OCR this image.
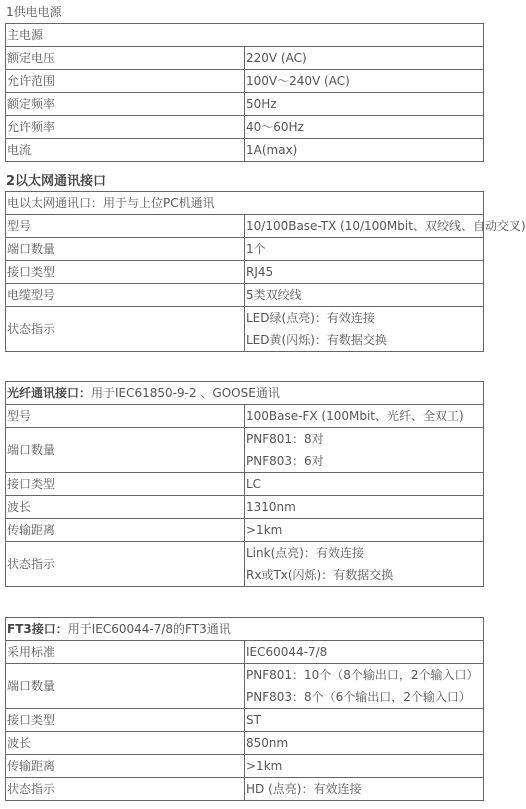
1供电电源
主电源	
额定电压	220V (AC)

允许范围	100V～240V (AC)

额定频率	50Hz

允许频率	40～60Hz

电流	1A(max)
2以太网通讯接口
电以太网通讯口：用于与上位PC机通讯	
型号	10/100Base-TX (10/100Mbit、双绞线、自动交叉)

端口数量	1个

接口类型	RJ45

电缆型号	5类双绞线

状态指示	LED绿(点亮)：有效连接
LED黄(闪烁)：有数据交换
光纤通讯接口：用于IEC61850-9-2 、GOOSE通讯	
型号	100Base-FX (100Mbit、光纤、全双工)

端口数量	PNF801：8对
PNF803：6对

接口类型	LC

波长	1310nm

传输距离	>1km

状态指示	Link(点亮)：有效连接
Rx或Tx(闪烁)：有数据交换
FT3接口：用于IEC60044-7/8的FT3通讯	
采用标准	IEC60044-7/8

端口数量	PNF801：10个（8个输出口，2个输入口）
PNF803：8个（6个输出口，2个输入口）

接口类型	ST

波长	850nm

传输距离	>1km

状态指示	HD (点亮)：有效连接
